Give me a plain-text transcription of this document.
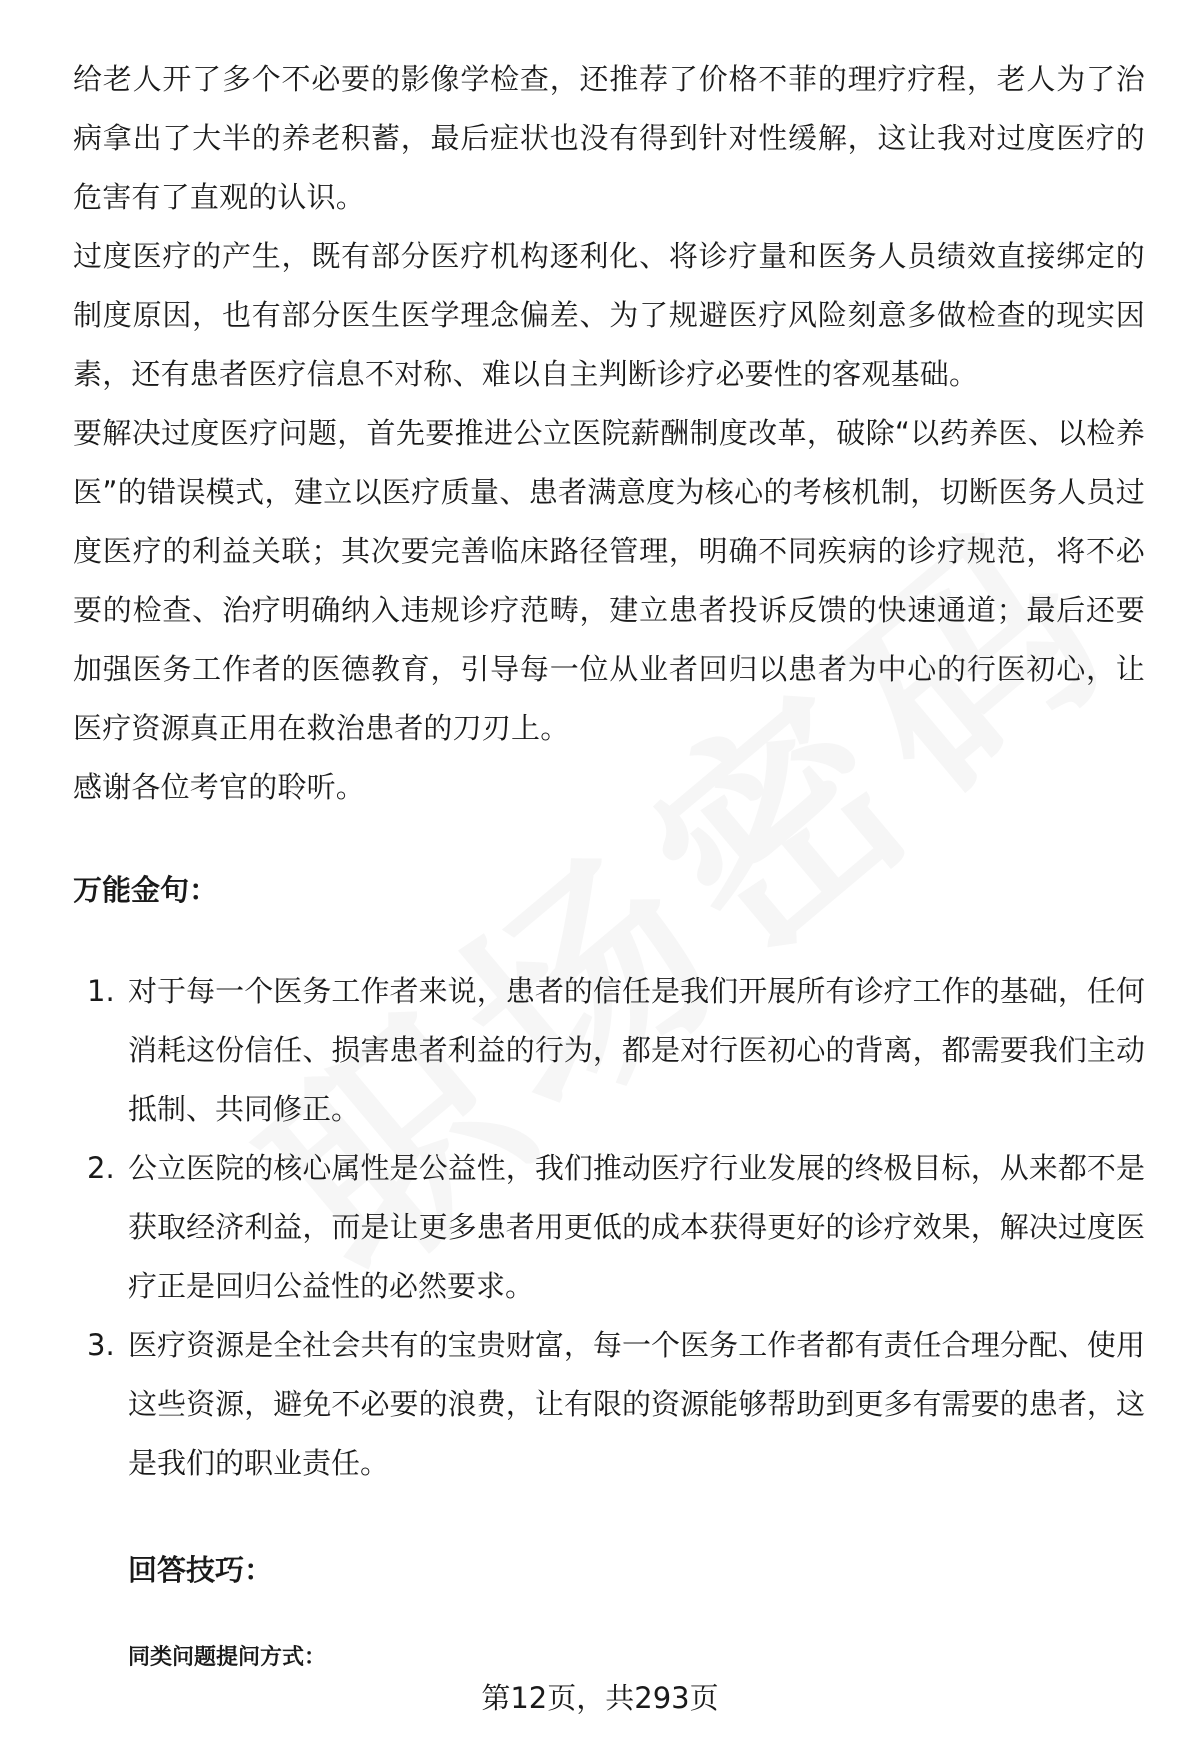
给老人开了多个不必要的影像学检查，还推荐了价格不菲的理疗疗程，老人为了治病拿出了大半的养老积蓄，最后症状也没有得到针对性缓解，这让我对过度医疗的危害有了直观的认识。

过度医疗的产生，既有部分医疗机构逐利化、将诊疗量和医务人员绩效直接绑定的制度原因，也有部分医生医学理念偏差、为了规避医疗风险刻意多做检查的现实因素，还有患者医疗信息不对称、难以自主判断诊疗必要性的客观基础。

要解决过度医疗问题，首先要推进公立医院薪酬制度改革，破除“以药养医、以检养医”的错误模式，建立以医疗质量、患者满意度为核心的考核机制，切断医务人员过度医疗的利益关联；其次要完善临床路径管理，明确不同疾病的诊疗规范，将不必要的检查、治疗明确纳入违规诊疗范畴，建立患者投诉反馈的快速通道；最后还要加强医务工作者的医德教育，引导每一位从业者回归以患者为中心的行医初心，让医疗资源真正用在救治患者的刀刃上。

感谢各位考官的聆听。

万能金句：
1. 对于每一个医务工作者来说，患者的信任是我们开展所有诊疗工作的基础，任何消耗这份信任、损害患者利益的行为，都是对行医初心的背离，都需要我们主动抵制、共同修正。
2. 公立医院的核心属性是公益性，我们推动医疗行业发展的终极目标，从来都不是获取经济利益，而是让更多患者用更低的成本获得更好的诊疗效果，解决过度医疗正是回归公益性的必然要求。
3. 医疗资源是全社会共有的宝贵财富，每一个医务工作者都有责任合理分配、使用这些资源，避免不必要的浪费，让有限的资源能够帮助到更多有需要的患者，这是我们的职业责任。
回答技巧：
同类问题提问方式：

第12页，共293页
